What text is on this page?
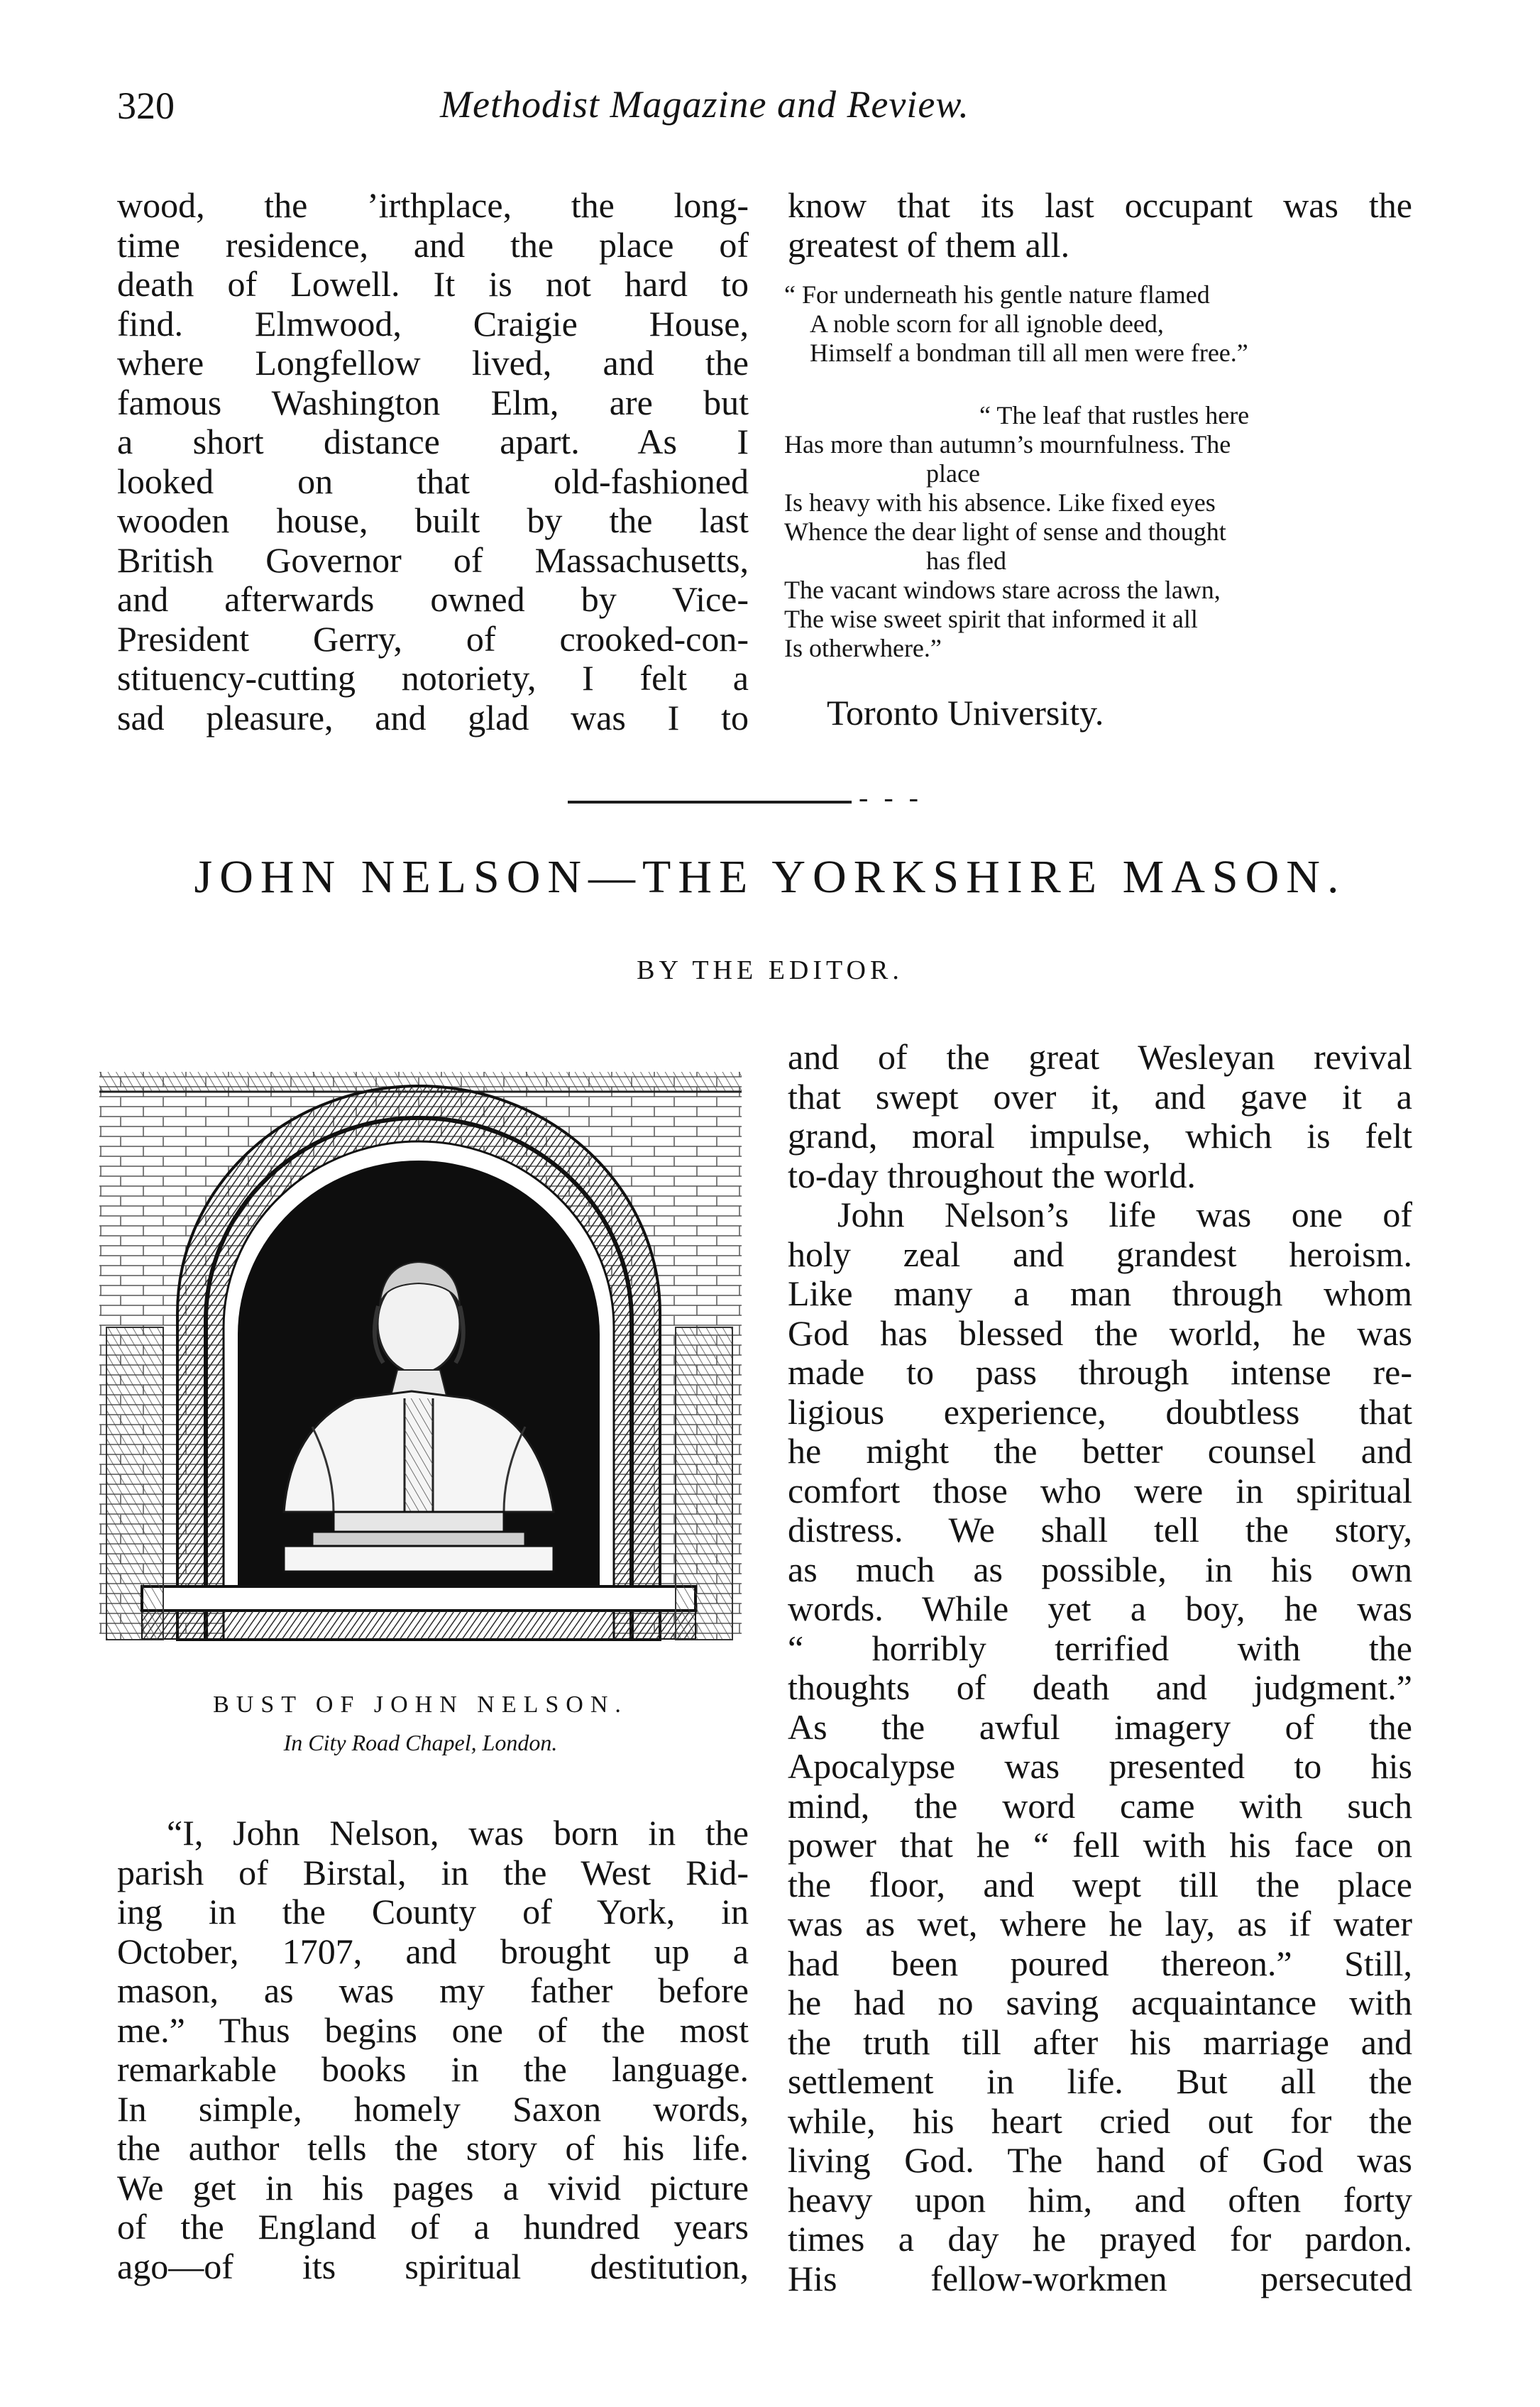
320	Methodist Magazine and Review.
wood, the ’irthplace, the long-
time residence, and the place of
death of Lowell. It is not hard to
find. Elmwood, Craigie House,
where Longfellow lived, and the
famous Washington Elm, are but
a short distance apart. As I
looked on that old-fashioned
wooden house, built by the last
British Governor of Massachusetts,
and afterwards owned by Vice-
President Gerry, of crooked-con-
stituency-cutting notoriety, I felt a
sad pleasure, and glad was I to
know that its last occupant was the
greatest of them all.
“ For underneath his gentle nature flamed
A noble scorn for all ignoble deed,
Himself a bondman till all men were free.”
“ The leaf that rustles here
Has more than autumn’s mournfulness. The
place
Is heavy with his absence. Like fixed eyes
Whence the dear light of sense and thought
has fled
The vacant windows stare across the lawn,
The wise sweet spirit that informed it all
Is otherwhere.”
Toronto University.
- - -
JOHN NELSON—THE YORKSHIRE MASON.
BY THE EDITOR.
BUST OF JOHN NELSON.
In City Road Chapel, London.
“I, John Nelson, was born in the
parish of Birstal, in the West Rid-
ing in the County of York, in
October, 1707, and brought up a
mason, as was my father before
me.” Thus begins one of the most
remarkable books in the language.
In simple, homely Saxon words,
the author tells the story of his life.
We get in his pages a vivid picture
of the England of a hundred years
ago—of its spiritual destitution,
and of the great Wesleyan revival
that swept over it, and gave it a
grand, moral impulse, which is felt
to-day throughout the world.
John Nelson’s life was one of
holy zeal and grandest heroism.
Like many a man through whom
God has blessed the world, he was
made to pass through intense re-
ligious experience, doubtless that
he might the better counsel and
comfort those who were in spiritual
distress. We shall tell the story,
as much as possible, in his own
words. While yet a boy, he was
“ horribly terrified with the
thoughts of death and judgment.”
As the awful imagery of the
Apocalypse was presented to his
mind, the word came with such
power that he “ fell with his face on
the floor, and wept till the place
was as wet, where he lay, as if water
had been poured thereon.” Still,
he had no saving acquaintance with
the truth till after his marriage and
settlement in life. But all the
while, his heart cried out for the
living God. The hand of God was
heavy upon him, and often forty
times a day he prayed for pardon.
His fellow-workmen persecuted
